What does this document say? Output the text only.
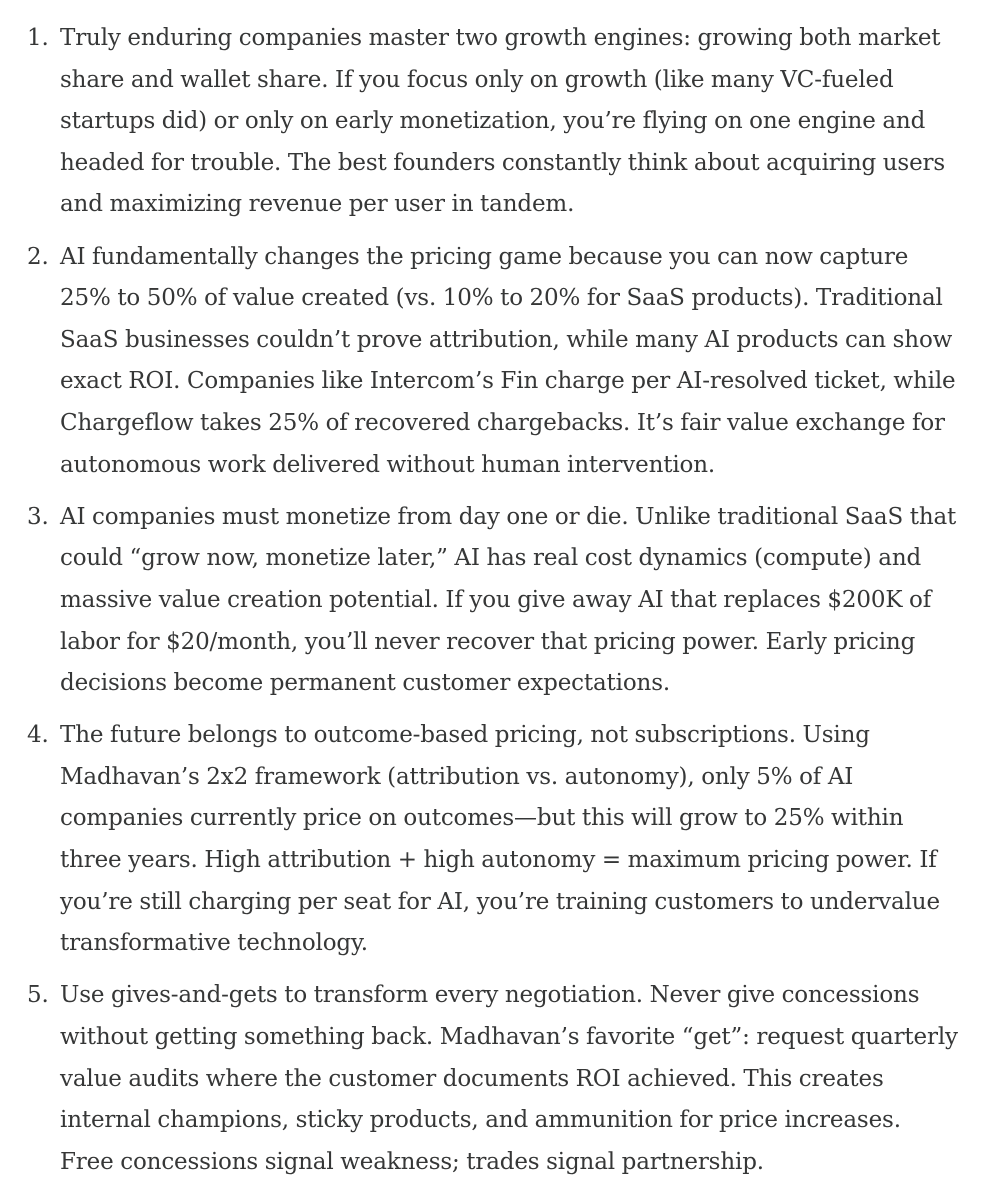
1. Truly enduring companies master two growth engines: growing both market share and wallet share. If you focus only on growth (like many VC-fueled startups did) or only on early monetization, you’re flying on one engine and headed for trouble. The best founders constantly think about acquiring users and maximizing revenue per user in tandem.
2. AI fundamentally changes the pricing game because you can now capture 25% to 50% of value created (vs. 10% to 20% for SaaS products). Traditional SaaS businesses couldn’t prove attribution, while many AI products can show exact ROI. Companies like Intercom’s Fin charge per AI-resolved ticket, while Chargeflow takes 25% of recovered chargebacks. It’s fair value exchange for autonomous work delivered without human intervention.
3. AI companies must monetize from day one or die. Unlike traditional SaaS that could “grow now, monetize later,” AI has real cost dynamics (compute) and massive value creation potential. If you give away AI that replaces $200K of labor for $20/month, you’ll never recover that pricing power. Early pricing decisions become permanent customer expectations.
4. The future belongs to outcome-based pricing, not subscriptions. Using Madhavan’s 2x2 framework (attribution vs. autonomy), only 5% of AI companies currently price on outcomes—but this will grow to 25% within three years. High attribution + high autonomy = maximum pricing power. If you’re still charging per seat for AI, you’re training customers to undervalue transformative technology.
5. Use gives-and-gets to transform every negotiation. Never give concessions without getting something back. Madhavan’s favorite “get”: request quarterly value audits where the customer documents ROI achieved. This creates internal champions, sticky products, and ammunition for price increases. Free concessions signal weakness; trades signal partnership.
